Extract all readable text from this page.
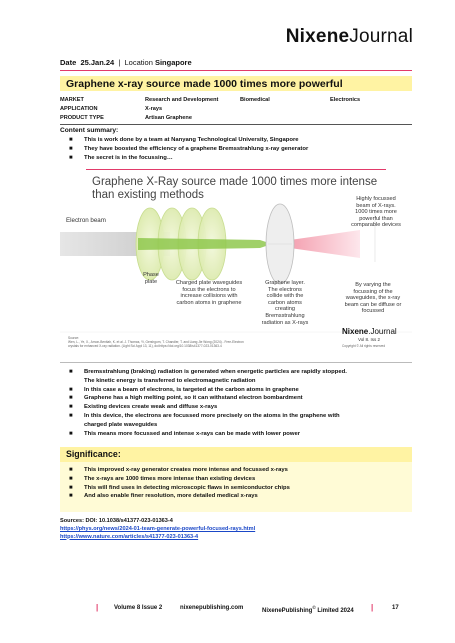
NixeneJournal
Date 25.Jan.24 | Location Singapore
Graphene x-ray source made 1000 times more powerful
MARKET	Research and Development	Biomedical	Electronics
APPLICATION	X-rays
PRODUCT TYPE	Artisan Graphene
Content summary:
■ This is work done by a team at Nanyang Technological University, Singapore
■ They have boosted the efficiency of a graphene Bremsstrahlung x-ray generator
■ The secret is in the focussing…
Graphene X-Ray source made 1000 times more intense
than existing methods
Electron beam
Phase
plate	Charged plate waveguides
focus the electrons to
increase collisions with
carbon atoms in graphene
Graphene layer.
The electrons
collide with the
carbon atoms
creating
Bremsstrahlung
radiation as X-rays
Highly focussed
beam of X-rays.
1000 times more
powerful than
comparable devices
By varying the
focussing of the
waveguides, the x-ray
beam can be diffuse or
focussed
Source:
Wen, L., Ye, X., Arnon-Benitah, K. et al. J. Thomas, Yi, Gershgorn, T. Chandler, T. and Liang Jie Wong (2024) - Free-Electron
crystals for enhanced X-ray radiation. (Light Sci Appl 13, 11), doi:https://doi.org/10.1038/s41377-023-01363-4
Nixene.Journal
Vol 8. Iss 2
Copyright © All rights reserved
■ Bremsstrahlung (braking) radiation is generated when energetic particles are rapidly stopped.
The kinetic energy is transferred to electromagnetic radiation
■ In this case a beam of electrons, is targeted at the carbon atoms in graphene
■ Graphene has a high melting point, so it can withstand electron bombardment
■ Existing devices create weak and diffuse x-rays
■ In this device, the electrons are focussed more precisely on the atoms in the graphene with
charged plate waveguides
■ This means more focussed and intense x-rays can be made with lower power
Significance:
■ This improved x-ray generator creates more intense and focussed x-rays
■ The x-rays are 1000 times more intense than existing devices
■ This will find uses in detecting microscopic flaws in semiconductor chips
■ And also enable finer resolution, more detailed medical x-rays
Sources: DOI: 10.1038/s41377-023-01363-4
https://phys.org/news/2024-01-team-generate-powerful-focused-rays.html
https://www.nature.com/articles/s41377-023-01363-4
|	Volume 8 Issue 2	nixenepublishing.com	NixenePublishing© Limited 2024 |	17
